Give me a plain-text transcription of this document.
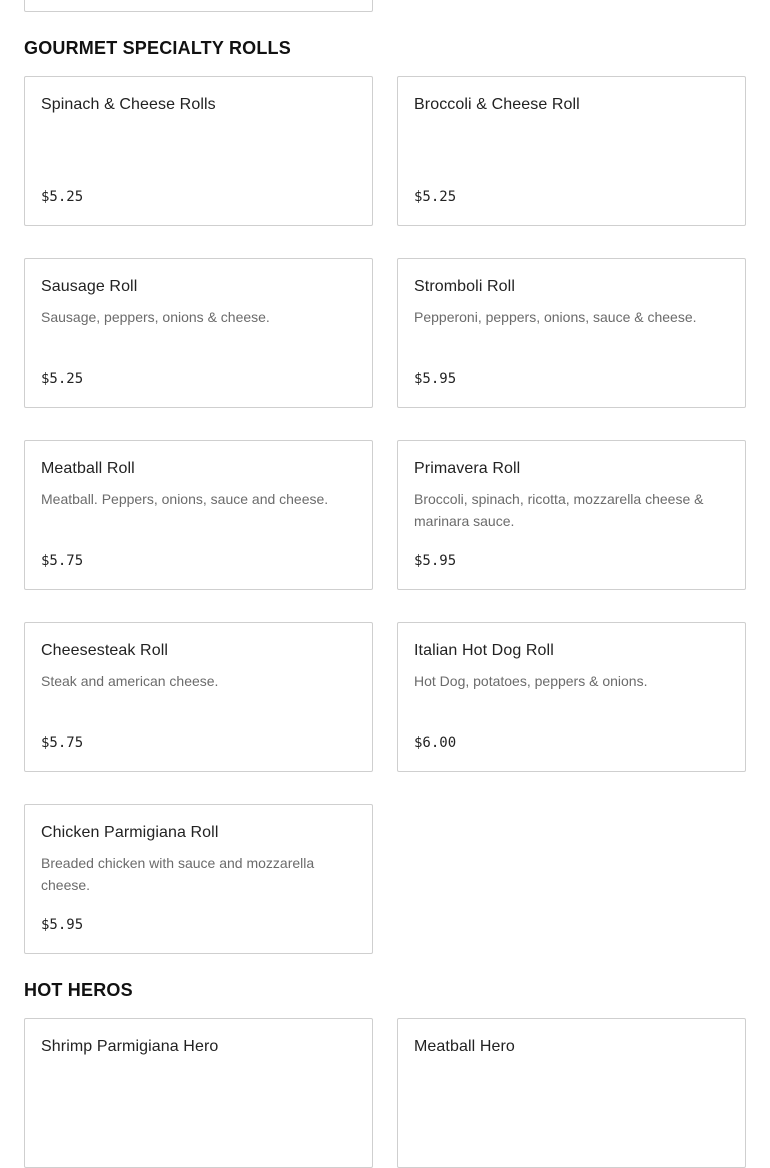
GOURMET SPECIALTY ROLLS
Spinach & Cheese Rolls
$5.25
Broccoli & Cheese Roll
$5.25
Sausage Roll
Sausage, peppers, onions & cheese.
$5.25
Stromboli Roll
Pepperoni, peppers, onions, sauce & cheese.
$5.95
Meatball Roll
Meatball. Peppers, onions, sauce and cheese.
$5.75
Primavera Roll
Broccoli, spinach, ricotta, mozzarella cheese & marinara sauce.
$5.95
Cheesesteak Roll
Steak and american cheese.
$5.75
Italian Hot Dog Roll
Hot Dog, potatoes, peppers & onions.
$6.00
Chicken Parmigiana Roll
Breaded chicken with sauce and mozzarella cheese.
$5.95
HOT HEROS
Shrimp Parmigiana Hero	Meatball Hero
